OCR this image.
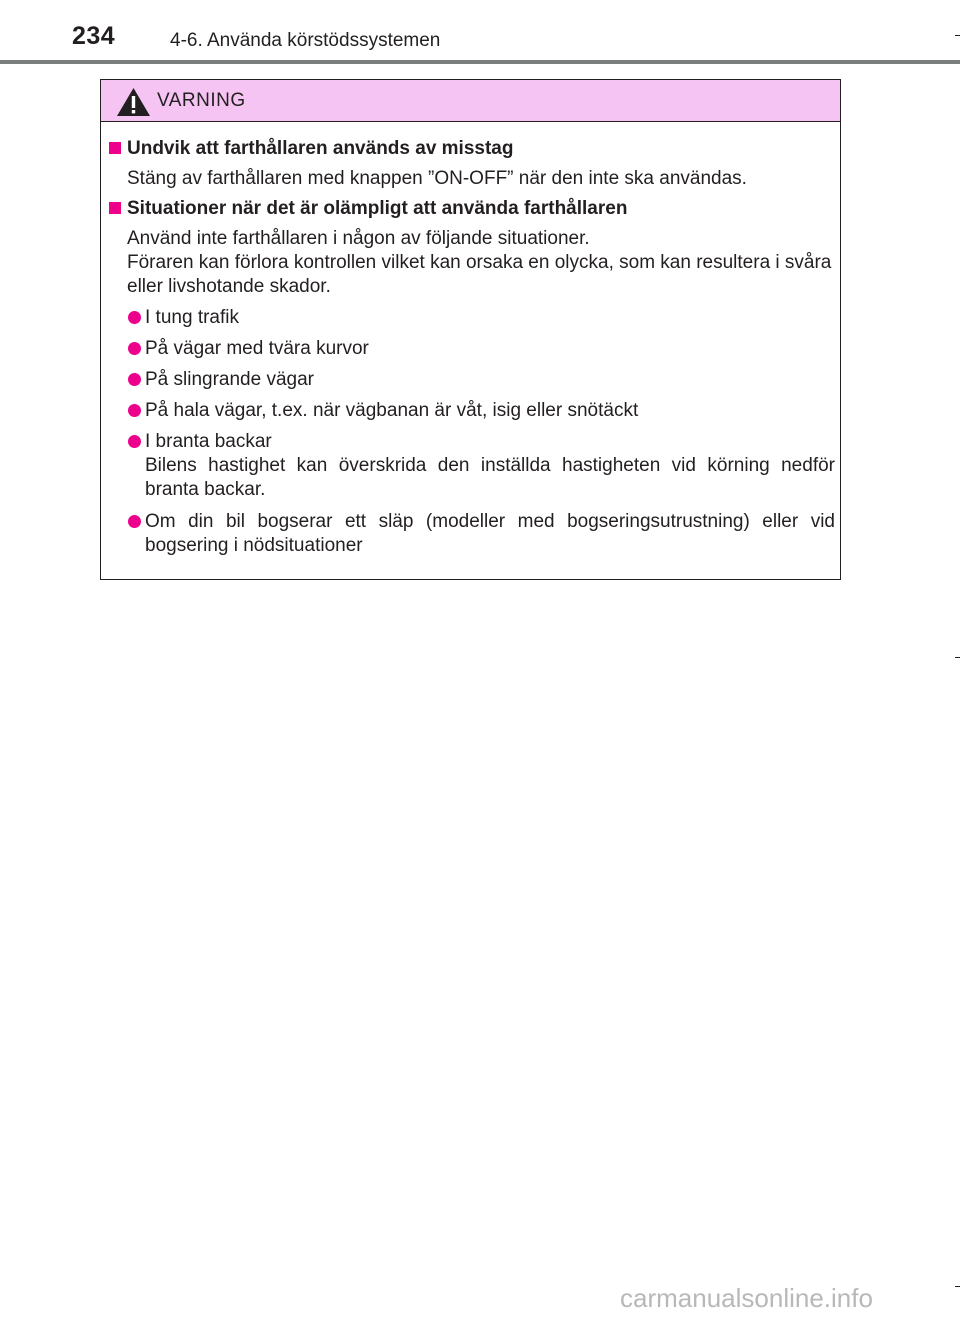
234	4-6. Använda körstödssystemen
VARNING
Undvik att farthållaren används av misstag
Stäng av farthållaren med knappen ”ON-OFF” när den inte ska användas.
Situationer när det är olämpligt att använda farthållaren
Använd inte farthållaren i någon av följande situationer.
Föraren kan förlora kontrollen vilket kan orsaka en olycka, som kan resultera i svåra eller livshotande skador.
I tung trafik
På vägar med tvära kurvor
På slingrande vägar
På hala vägar, t.ex. när vägbanan är våt, isig eller snötäckt
I branta backar
Bilens hastighet kan överskrida den inställda hastigheten vid körning nedför branta backar.
Om din bil bogserar ett släp (modeller med bogseringsutrustning) eller vid bogsering i nödsituationer
carmanualsonline.info
